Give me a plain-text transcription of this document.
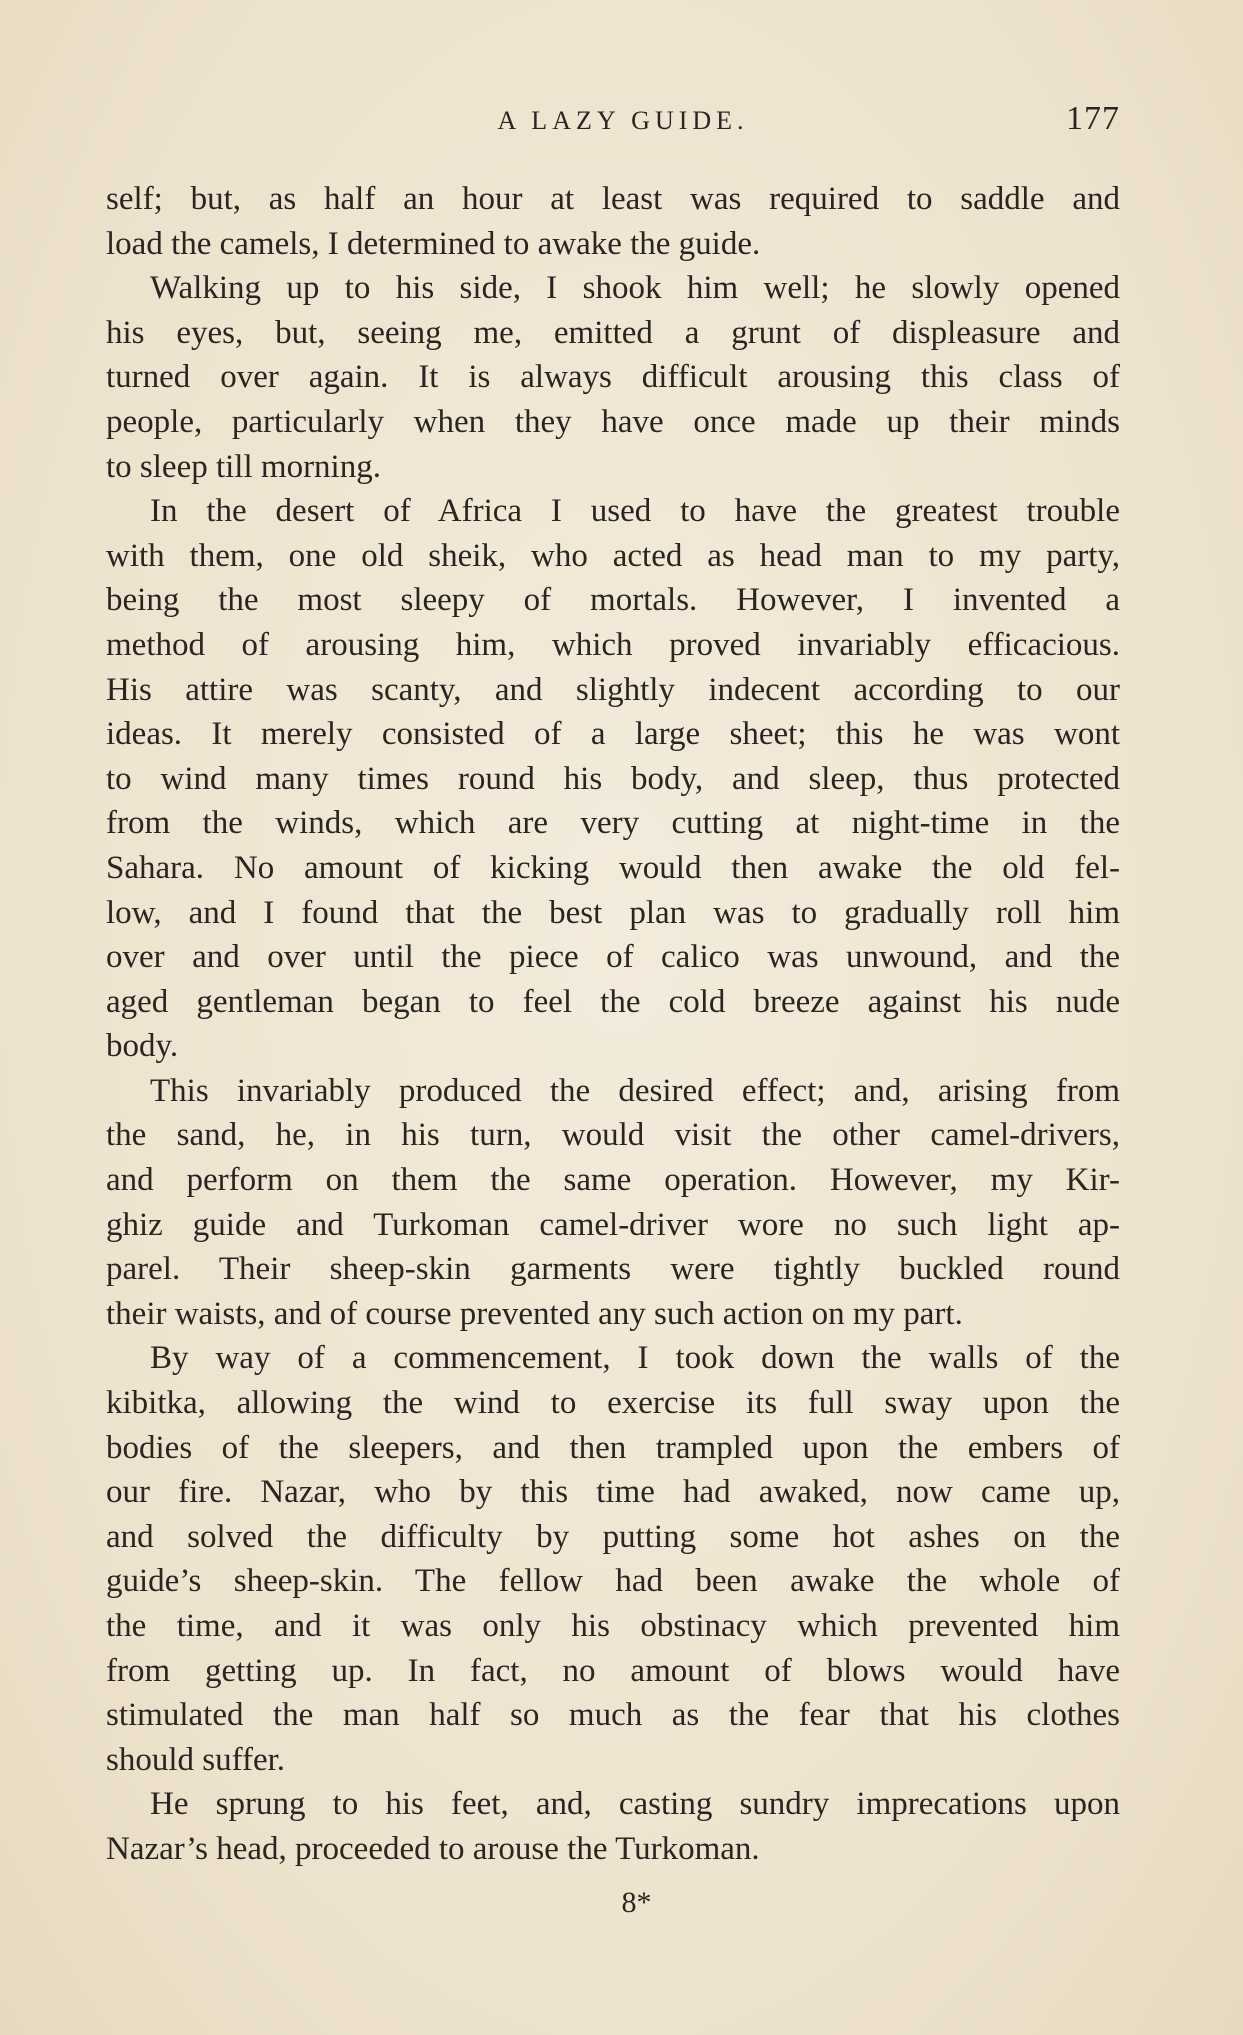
A LAZY GUIDE.	177
self; but, as half an hour at least was required to saddle and
load the camels, I determined to awake the guide.
Walking up to his side, I shook him well; he slowly opened
his eyes, but, seeing me, emitted a grunt of displeasure and
turned over again. It is always difficult arousing this class of
people, particularly when they have once made up their minds
to sleep till morning.
In the desert of Africa I used to have the greatest trouble
with them, one old sheik, who acted as head man to my party,
being the most sleepy of mortals. However, I invented a
method of arousing him, which proved invariably efficacious.
His attire was scanty, and slightly indecent according to our
ideas. It merely consisted of a large sheet; this he was wont
to wind many times round his body, and sleep, thus protected
from the winds, which are very cutting at night-time in the
Sahara. No amount of kicking would then awake the old fel-
low, and I found that the best plan was to gradually roll him
over and over until the piece of calico was unwound, and the
aged gentleman began to feel the cold breeze against his nude
body.
This invariably produced the desired effect; and, arising from
the sand, he, in his turn, would visit the other camel-drivers,
and perform on them the same operation. However, my Kir-
ghiz guide and Turkoman camel-driver wore no such light ap-
parel. Their sheep-skin garments were tightly buckled round
their waists, and of course prevented any such action on my part.
By way of a commencement, I took down the walls of the
kibitka, allowing the wind to exercise its full sway upon the
bodies of the sleepers, and then trampled upon the embers of
our fire. Nazar, who by this time had awaked, now came up,
and solved the difficulty by putting some hot ashes on the
guide’s sheep-skin. The fellow had been awake the whole of
the time, and it was only his obstinacy which prevented him
from getting up. In fact, no amount of blows would have
stimulated the man half so much as the fear that his clothes
should suffer.
He sprung to his feet, and, casting sundry imprecations upon
Nazar’s head, proceeded to arouse the Turkoman.
8*
